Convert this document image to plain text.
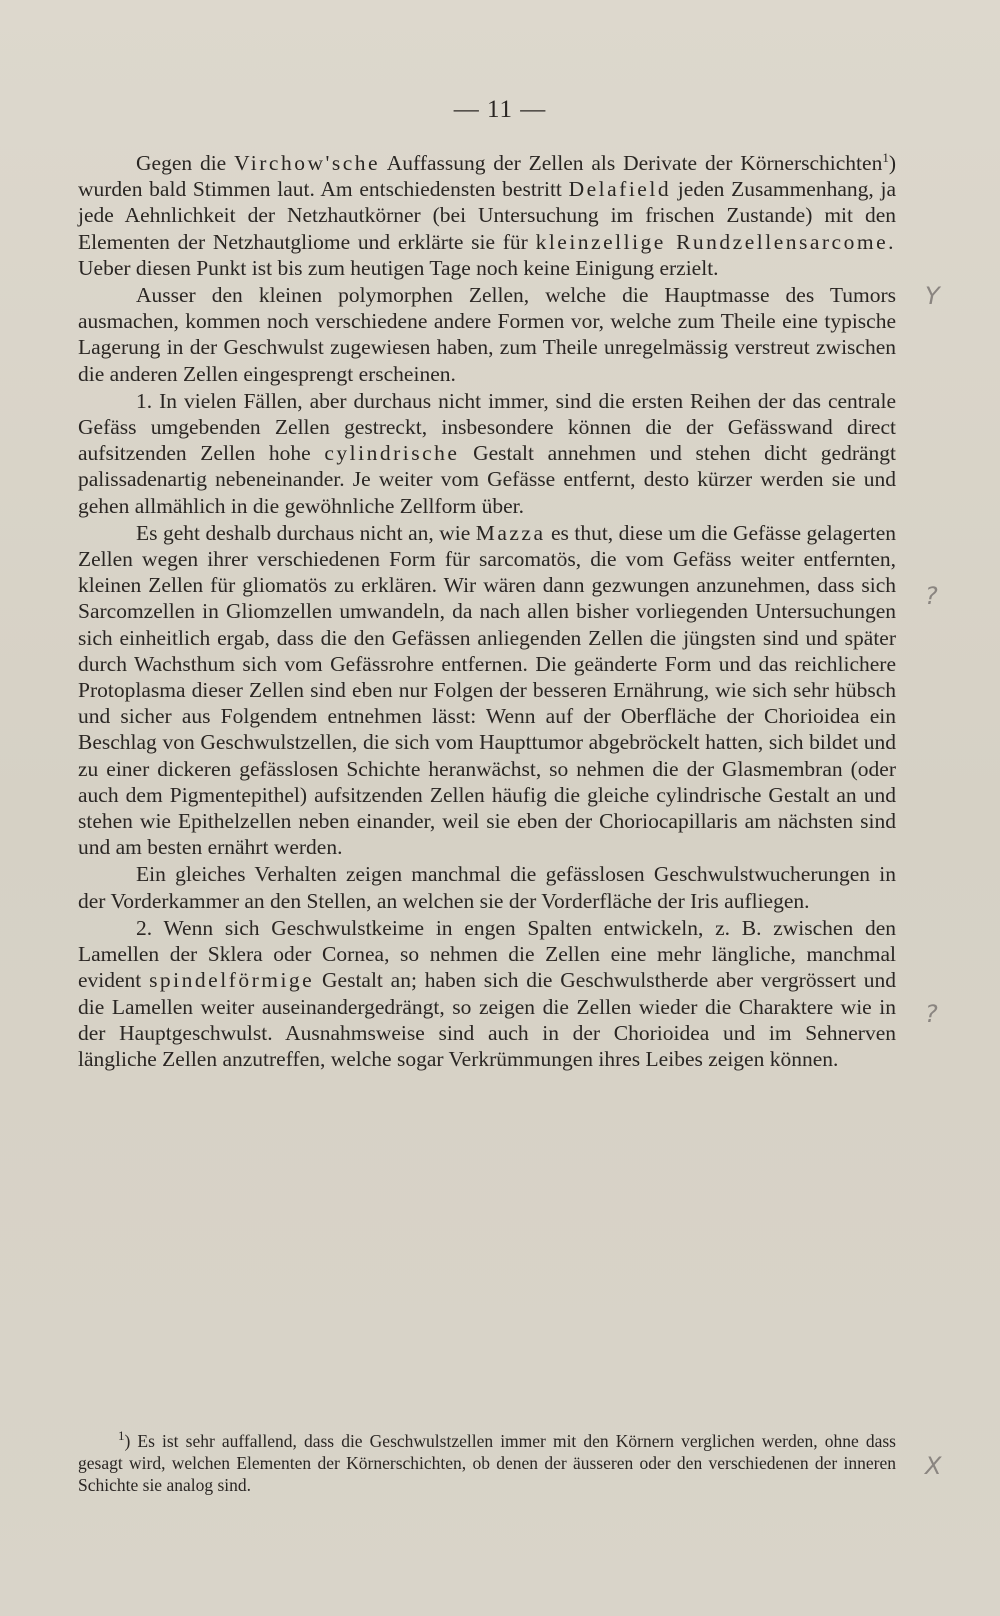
— 11 —

Gegen die Virchow'sche Auffassung der Zellen als Derivate der Körnerschichten$^1$) wurden bald Stimmen laut. Am entschiedensten bestritt Delafield jeden Zusammenhang, ja jede Aehnlichkeit der Netzhautkörner (bei Untersuchung im frischen Zustande) mit den Elementen der Netzhautgliome und erklärte sie für kleinzellige Rundzellensarcome. Ueber diesen Punkt ist bis zum heutigen Tage noch keine Einigung erzielt.

Ausser den kleinen polymorphen Zellen, welche die Hauptmasse des Tumors ausmachen, kommen noch verschiedene andere Formen vor, welche zum Theile eine typische Lagerung in der Geschwulst zugewiesen haben, zum Theile unregelmässig verstreut zwischen die anderen Zellen eingesprengt erscheinen.

1. In vielen Fällen, aber durchaus nicht immer, sind die ersten Reihen der das centrale Gefäss umgebenden Zellen gestreckt, insbesondere können die der Gefässwand direct aufsitzenden Zellen hohe cylindrische Gestalt annehmen und stehen dicht gedrängt palissadenartig nebeneinander. Je weiter vom Gefässe entfernt, desto kürzer werden sie und gehen allmählich in die gewöhnliche Zellform über.

Es geht deshalb durchaus nicht an, wie Mazza es thut, diese um die Gefässe gelagerten Zellen wegen ihrer verschiedenen Form für sarcomatös, die vom Gefäss weiter entfernten, kleinen Zellen für gliomatös zu erklären. Wir wären dann gezwungen anzunehmen, dass sich Sarcomzellen in Gliomzellen umwandeln, da nach allen bisher vorliegenden Untersuchungen sich einheitlich ergab, dass die den Gefässen anliegenden Zellen die jüngsten sind und später durch Wachsthum sich vom Gefässrohre entfernen. Die geänderte Form und das reichlichere Protoplasma dieser Zellen sind eben nur Folgen der besseren Ernährung, wie sich sehr hübsch und sicher aus Folgendem entnehmen lässt: Wenn auf der Oberfläche der Chorioidea ein Beschlag von Geschwulstzellen, die sich vom Haupttumor abgebröckelt hatten, sich bildet und zu einer dickeren gefässlosen Schichte heranwächst, so nehmen die der Glasmembran (oder auch dem Pigmentepithel) aufsitzenden Zellen häufig die gleiche cylindrische Gestalt an und stehen wie Epithelzellen neben einander, weil sie eben der Choriocapillaris am nächsten sind und am besten ernährt werden.

Ein gleiches Verhalten zeigen manchmal die gefässlosen Geschwulstwucherungen in der Vorderkammer an den Stellen, an welchen sie der Vorderfläche der Iris aufliegen.

2. Wenn sich Geschwulstkeime in engen Spalten entwickeln, z. B. zwischen den Lamellen der Sklera oder Cornea, so nehmen die Zellen eine mehr längliche, manchmal evident spindelförmige Gestalt an; haben sich die Geschwulstherde aber vergrössert und die Lamellen weiter auseinandergedrängt, so zeigen die Zellen wieder die Charaktere wie in der Hauptgeschwulst. Ausnahmsweise sind auch in der Chorioidea und im Sehnerven längliche Zellen anzutreffen, welche sogar Verkrümmungen ihres Leibes zeigen können.

$^1$) Es ist sehr auffallend, dass die Geschwulstzellen immer mit den Körnern verglichen werden, ohne dass gesagt wird, welchen Elementen der Körnerschichten, ob denen der äusseren oder den verschiedenen der inneren Schichte sie analog sind.

Y
?
?
X
